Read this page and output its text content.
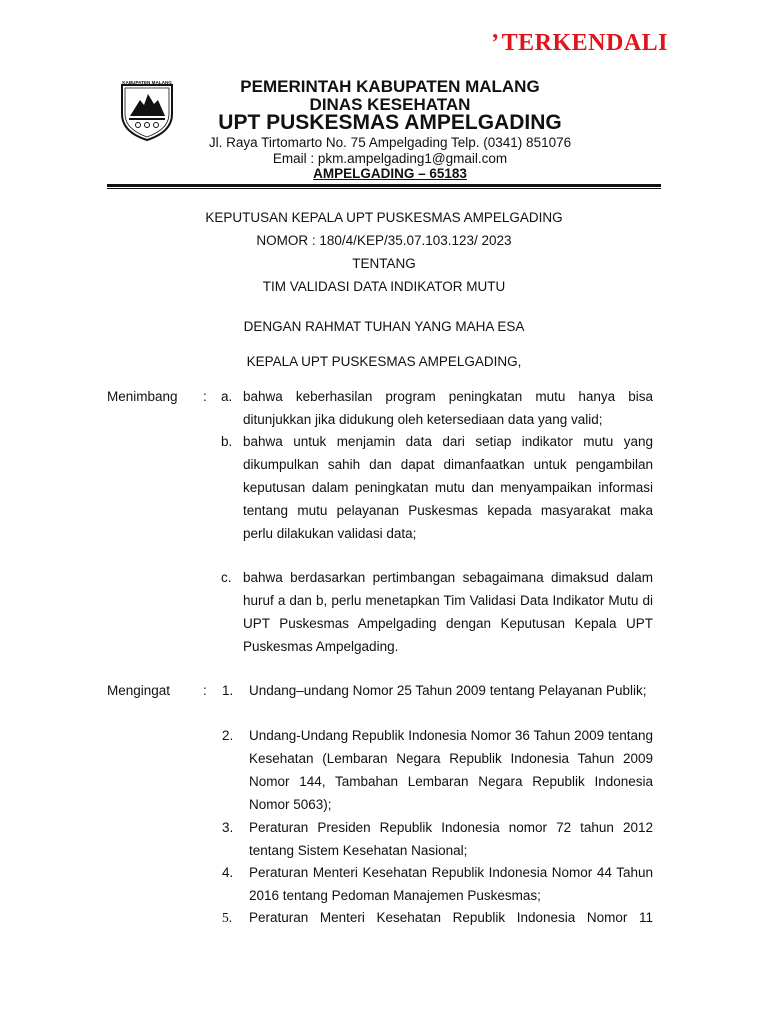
’TERKENDALI
KABUPATEN MALANG	PEMERINTAH KABUPATEN MALANG
DINAS KESEHATAN
UPT PUSKESMAS AMPELGADING
Jl. Raya Tirtomarto No. 75 Ampelgading Telp. (0341) 851076
Email : pkm.ampelgading1@gmail.com
AMPELGADING – 65183
KEPUTUSAN KEPALA UPT PUSKESMAS AMPELGADING
NOMOR : 180/4/KEP/35.07.103.123/ 2023
TENTANG
TIM VALIDASI DATA INDIKATOR MUTU
DENGAN RAHMAT TUHAN YANG MAHA ESA
KEPALA UPT PUSKESMAS AMPELGADING,
Menimbang : a. bahwa keberhasilan program peningkatan mutu hanya bisa ditunjukkan jika didukung oleh ketersediaan data yang valid;
b. bahwa untuk menjamin data dari setiap indikator mutu yang dikumpulkan sahih dan dapat dimanfaatkan untuk pengambilan keputusan dalam peningkatan mutu dan menyampaikan informasi tentang mutu pelayanan Puskesmas kepada masyarakat maka perlu dilakukan validasi data;
c. bahwa berdasarkan pertimbangan sebagaimana dimaksud dalam huruf a dan b, perlu menetapkan Tim Validasi Data Indikator Mutu di UPT Puskesmas Ampelgading dengan Keputusan Kepala UPT Puskesmas Ampelgading.
Mengingat : 1. Undang–undang Nomor 25 Tahun 2009 tentang Pelayanan Publik;
2. Undang-Undang Republik Indonesia Nomor 36 Tahun 2009 tentang Kesehatan (Lembaran Negara Republik Indonesia Tahun 2009 Nomor 144, Tambahan Lembaran Negara Republik Indonesia Nomor 5063);
3. Peraturan Presiden Republik Indonesia nomor 72 tahun 2012 tentang Sistem Kesehatan Nasional;
4. Peraturan Menteri Kesehatan Republik Indonesia Nomor 44 Tahun 2016 tentang Pedoman Manajemen Puskesmas;
5. Peraturan Menteri Kesehatan Republik Indonesia Nomor 11
